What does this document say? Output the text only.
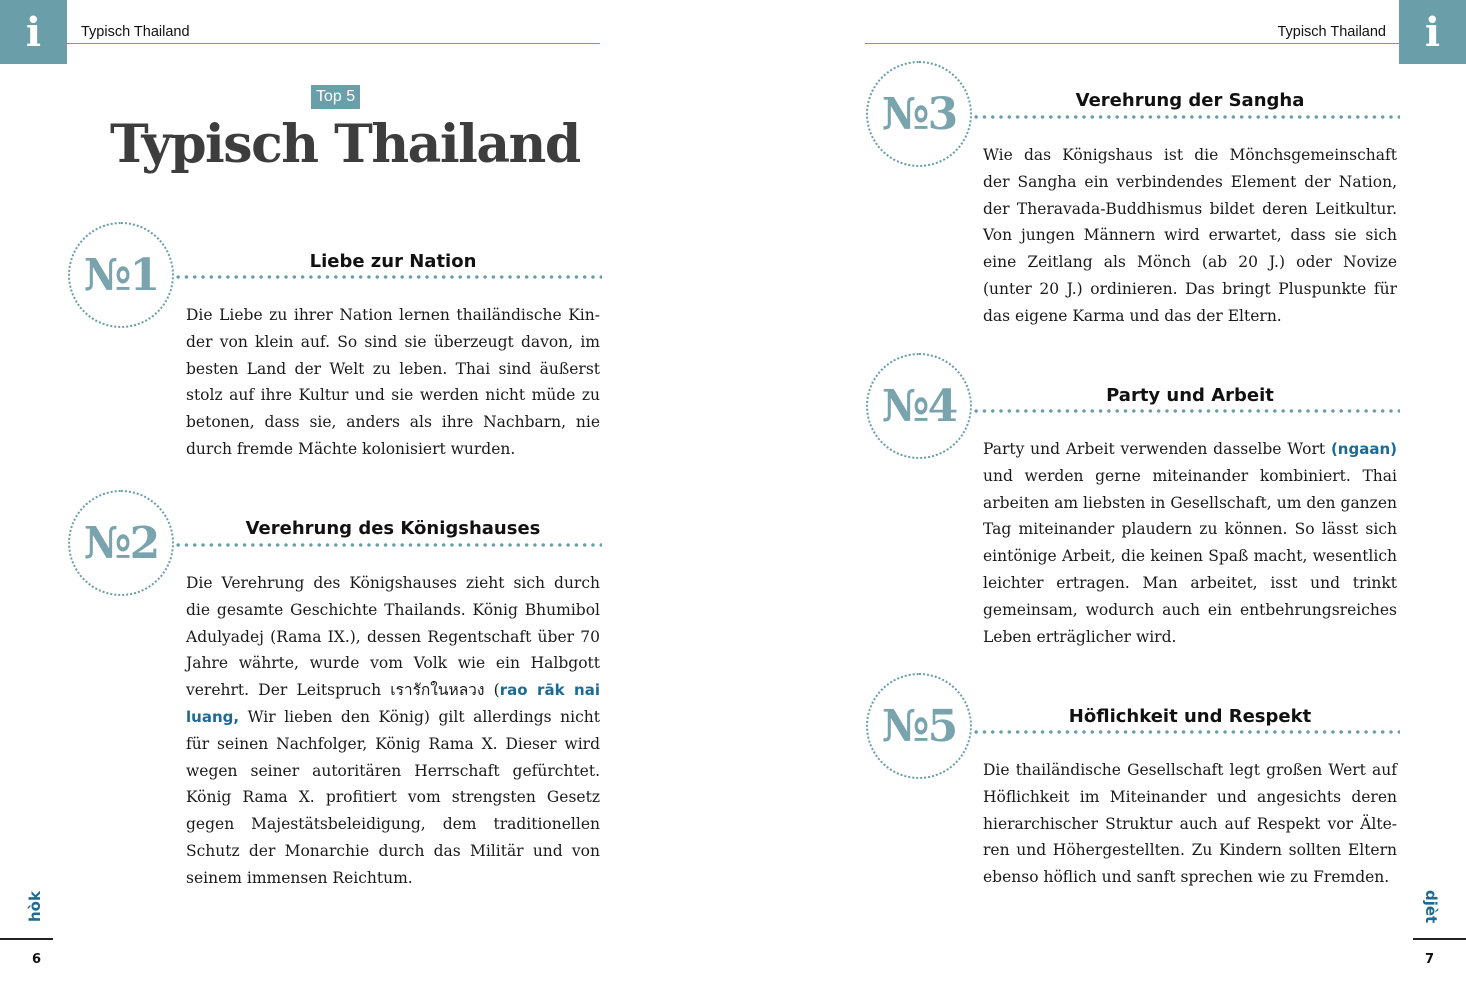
i	i
Typisch Thailand	Typisch Thailand
Top 5
Typisch Thailand
№1	Liebe zur Nation
Die Liebe zu ihrer Nation lernen thailändische Kinder von klein auf. So sind sie überzeugt davon, im besten Land der Welt zu leben. Thai sind äußerst stolz auf ihre Kultur und sie werden nicht müde zu betonen, dass sie, anders als ihre Nachbarn, nie durch fremde Mächte kolonisiert wurden.
№2	Verehrung des Königshauses
Die Verehrung des Königshauses zieht sich durch die gesamte Geschichte Thailands. König Bhumibol Adulyadej (Rama IX.), dessen Regentschaft über 70 Jahre währte, wurde vom Volk wie ein Halbgott verehrt. Der Leitspruch เรารักในหลวง (rao rāk nai luang, Wir lieben den König) gilt allerdings nicht für seinen Nachfolger, König Rama X. Dieser wird wegen seiner autoritären Herrschaft gefürchtet. König Rama X. profitiert vom strengsten Gesetz gegen Majestätsbeleidigung, dem traditionellen Schutz der Monarchie durch das Militär und von seinem immensen Reichtum.
№3	Verehrung der Sangha
Wie das Königshaus ist die Mönchsgemeinschaft der Sangha ein verbindendes Element der Nation, der Theravada-Buddhismus bildet deren Leitkultur. Von jungen Männern wird erwartet, dass sie sich eine Zeitlang als Mönch (ab 20 J.) oder Novize (unter 20 J.) ordinieren. Das bringt Pluspunkte für das eigene Karma und das der Eltern.
№4	Party und Arbeit
Party und Arbeit verwenden dasselbe Wort (ngaan) und werden gerne miteinander kombiniert. Thai arbeiten am liebsten in Gesellschaft, um den ganzen Tag miteinander plaudern zu können. So lässt sich eintönige Arbeit, die keinen Spaß macht, wesentlich leichter ertragen. Man arbeitet, isst und trinkt gemeinsam, wodurch auch ein entbehrungsreiches Leben erträglicher wird.
№5	Höflichkeit und Respekt
Die thailändische Gesellschaft legt großen Wert auf Höflichkeit im Miteinander und angesichts deren hierarchischer Struktur auch auf Respekt vor Älteren und Höhergestellten. Zu Kindern sollten Eltern ebenso höflich und sanft sprechen wie zu Fremden.
hòk	djèt
6	7
